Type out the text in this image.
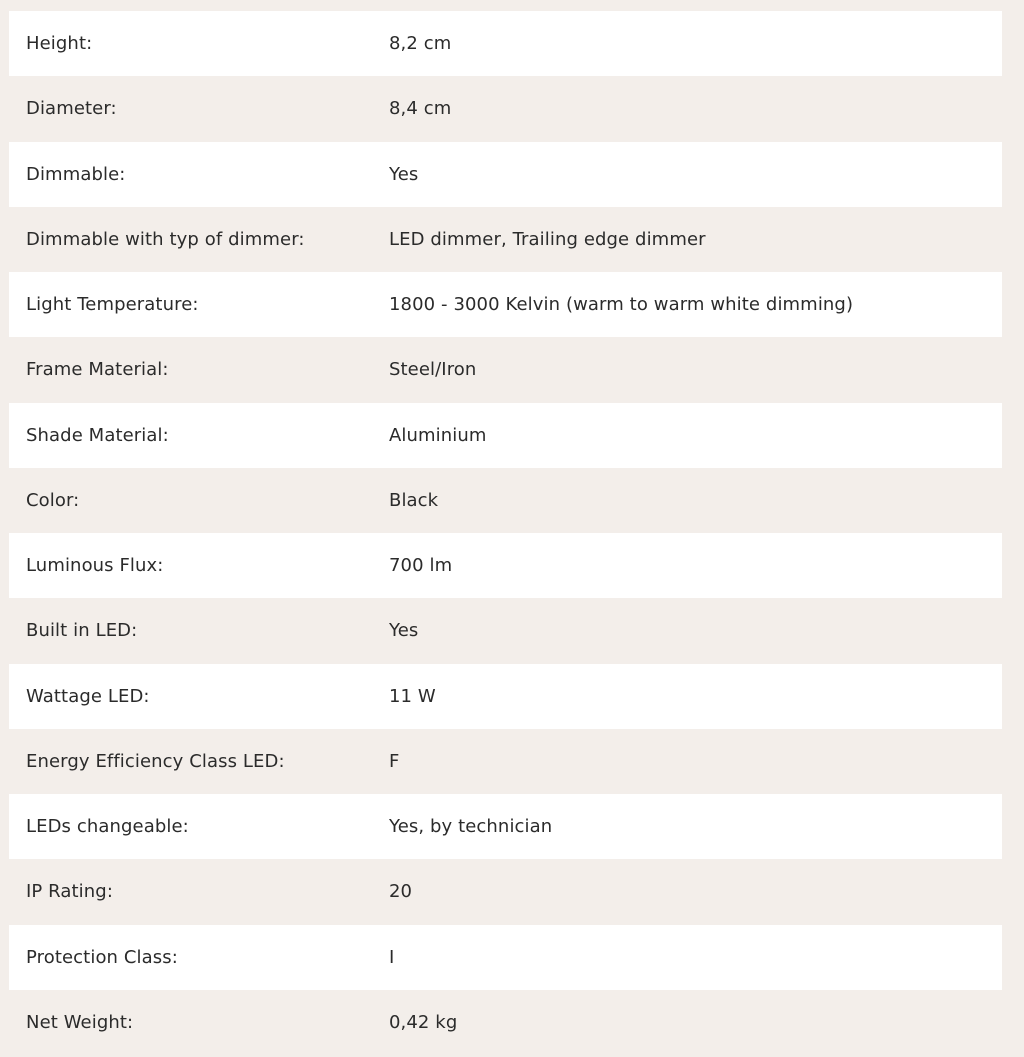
Height:	8,2 cm
Diameter:	8,4 cm
Dimmable:	Yes
Dimmable with typ of dimmer:	LED dimmer, Trailing edge dimmer
Light Temperature:	1800 - 3000 Kelvin (warm to warm white dimming)
Frame Material:	Steel/Iron
Shade Material:	Aluminium
Color:	Black
Luminous Flux:	700 lm
Built in LED:	Yes
Wattage LED:	11 W
Energy Efficiency Class LED:	F
LEDs changeable:	Yes, by technician
IP Rating:	20
Protection Class:	I
Net Weight:	0,42 kg
